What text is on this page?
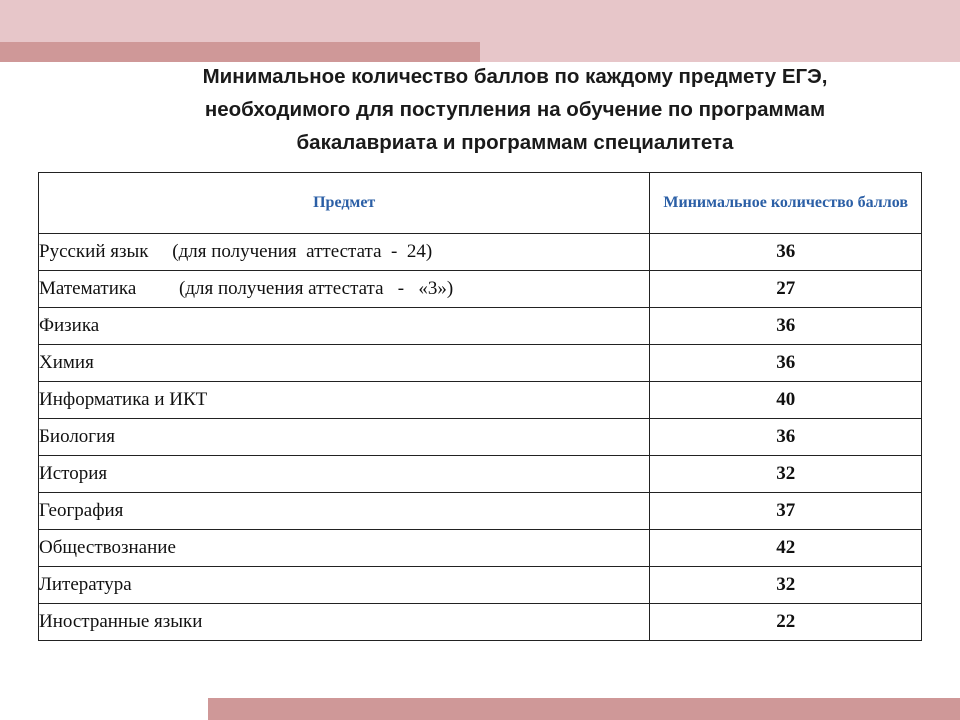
Минимальное количество баллов по каждому предмету ЕГЭ,
необходимого для поступления на обучение по программам
бакалавриата и программам специалитета
Предмет	Минимальное количество баллов
Русский язык     (для получения  аттестата  -  24)	36
Математика         (для получения аттестата   -   «3»)	27
Физика	36
Химия	36
Информатика и ИКТ	40
Биология	36
История	32
География	37
Обществознание	42
Литература	32
Иностранные языки	22
